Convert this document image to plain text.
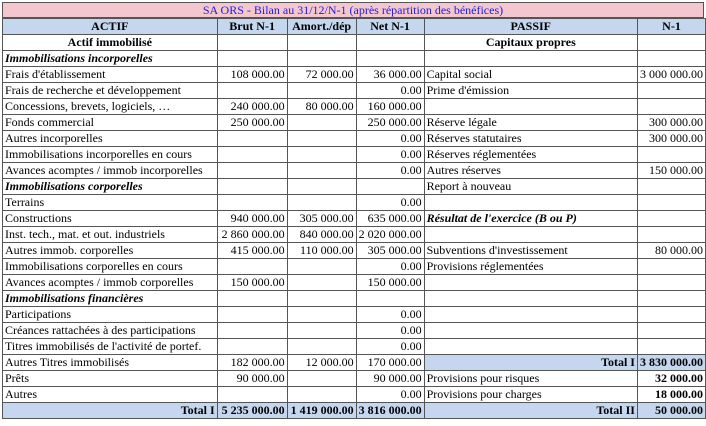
SA ORS - Bilan au 31/12/N-1 (après répartition des bénéfices)
ACTIF	Brut N-1	Amort./dép	Net N-1	PASSIF	N-1
Actif immobilisé				Capitaux propres	
Immobilisations incorporelles					
Frais d'établissement	108 000.00	72 000.00	36 000.00	Capital social	3 000 000.00
Frais de recherche et développement			0.00	Prime d'émission	
Concessions, brevets, logiciels, …	240 000.00	80 000.00	160 000.00		
Fonds commercial	250 000.00		250 000.00	Réserve légale	300 000.00
Autres incorporelles			0.00	Réserves statutaires	300 000.00
Immobilisations incorporelles en cours			0.00	Réserves réglementées	
Avances acomptes / immob incorporelles			0.00	Autres réserves	150 000.00
Immobilisations corporelles				Report à nouveau	
Terrains			0.00		
Constructions	940 000.00	305 000.00	635 000.00	Résultat de l'exercice (B ou P)	
Inst. tech., mat. et out. industriels	2 860 000.00	840 000.00	2 020 000.00		
Autres immob. corporelles	415 000.00	110 000.00	305 000.00	Subventions d'investissement	80 000.00
Immobilisations corporelles en cours			0.00	Provisions réglementées	
Avances acomptes / immob corporelles	150 000.00		150 000.00		
Immobilisations financières					
Participations			0.00		
Créances rattachées à des participations			0.00		
Titres immobilisés de l'activité de portef.			0.00		
Autres Titres immobilisés	182 000.00	12 000.00	170 000.00	Total I	3 830 000.00
Prêts	90 000.00		90 000.00	Provisions pour risques	32 000.00
Autres			0.00	Provisions pour charges	18 000.00
Total I	5 235 000.00	1 419 000.00	3 816 000.00	Total II	50 000.00
